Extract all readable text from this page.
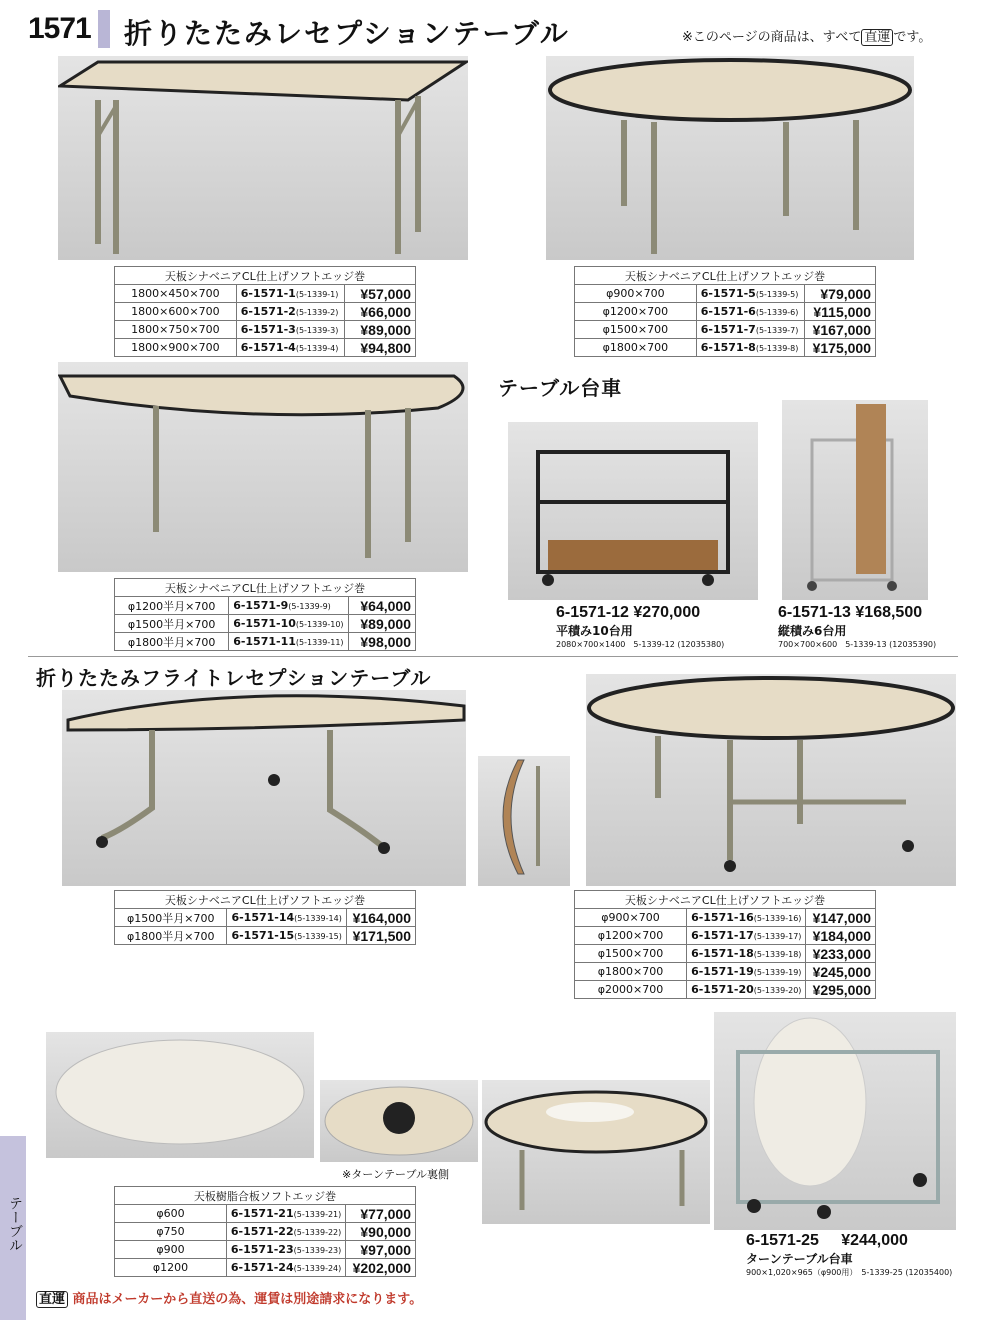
1571 折りたたみレセプションテーブル	※このページの商品は、すべて 直運 です。
天板シナベニアCL仕上げソフトエッジ巻		
1800×450×700	6-1571-1(5-1339-1)	¥57,000
1800×600×700	6-1571-2(5-1339-2)	¥66,000
1800×750×700	6-1571-3(5-1339-3)	¥89,000
1800×900×700	6-1571-4(5-1339-4)	¥94,800
天板シナベニアCL仕上げソフトエッジ巻		
φ900×700	6-1571-5(5-1339-5)	¥79,000
φ1200×700	6-1571-6(5-1339-6)	¥115,000
φ1500×700	6-1571-7(5-1339-7)	¥167,000
φ1800×700	6-1571-8(5-1339-8)	¥175,000
テーブル台車
6-1571-12 ¥270,000
平積み10台用
2080×700×1400　5-1339-12 (12035380)
6-1571-13 ¥168,500
縦積み6台用
700×700×600　5-1339-13 (12035390)
天板シナベニアCL仕上げソフトエッジ巻		
φ1200半月×700	6-1571-9(5-1339-9)	¥64,000
φ1500半月×700	6-1571-10(5-1339-10)	¥89,000
φ1800半月×700	6-1571-11(5-1339-11)	¥98,000
折りたたみフライトレセプションテーブル
天板シナベニアCL仕上げソフトエッジ巻		
φ1500半月×700	6-1571-14(5-1339-14)	¥164,000
φ1800半月×700	6-1571-15(5-1339-15)	¥171,500
天板シナベニアCL仕上げソフトエッジ巻		
φ900×700	6-1571-16(5-1339-16)	¥147,000
φ1200×700	6-1571-17(5-1339-17)	¥184,000
φ1500×700	6-1571-18(5-1339-18)	¥233,000
φ1800×700	6-1571-19(5-1339-19)	¥245,000
φ2000×700	6-1571-20(5-1339-20)	¥295,000
※ターンテーブル裏側
天板樹脂合板ソフトエッジ巻		
φ600	6-1571-21(5-1339-21)	¥77,000
φ750	6-1571-22(5-1339-22)	¥90,000
φ900	6-1571-23(5-1339-23)	¥97,000
φ1200	6-1571-24(5-1339-24)	¥202,000
6-1571-25 ¥244,000
ターンテーブル台車
900×1,020×965（φ900用）　5-1339-25 (12035400)
テーブル
直運 商品はメーカーから直送の為、運賃は別途請求になります。
